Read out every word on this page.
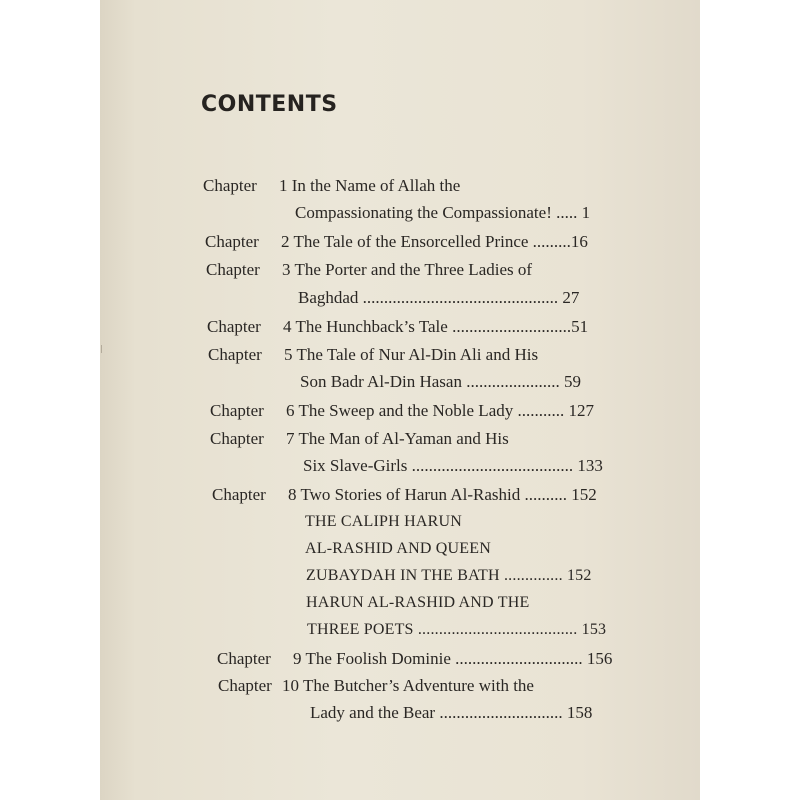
CONTENTS
Chapter 1 In the Name of Allah the
Compassionating the Compassionate! ..... 1
Chapter 2 The Tale of the Ensorcelled Prince .........16
Chapter 3 The Porter and the Three Ladies of
Baghdad .............................................. 27
Chapter 4 The Hunchback’s Tale ............................51
Chapter 5 The Tale of Nur Al-Din Ali and His
Son Badr Al-Din Hasan ...................... 59
Chapter 6 The Sweep and the Noble Lady ........... 127
Chapter 7 The Man of Al-Yaman and His
Six Slave-Girls ...................................... 133
Chapter 8 Two Stories of Harun Al-Rashid .......... 152
THE CALIPH HARUN
AL-RASHID AND QUEEN
ZUBAYDAH IN THE BATH .............. 152
HARUN AL-RASHID AND THE
THREE POETS ...................................... 153
Chapter 9 The Foolish Dominie .............................. 156
Chapter 10 The Butcher’s Adventure with the
Lady and the Bear ............................. 158
